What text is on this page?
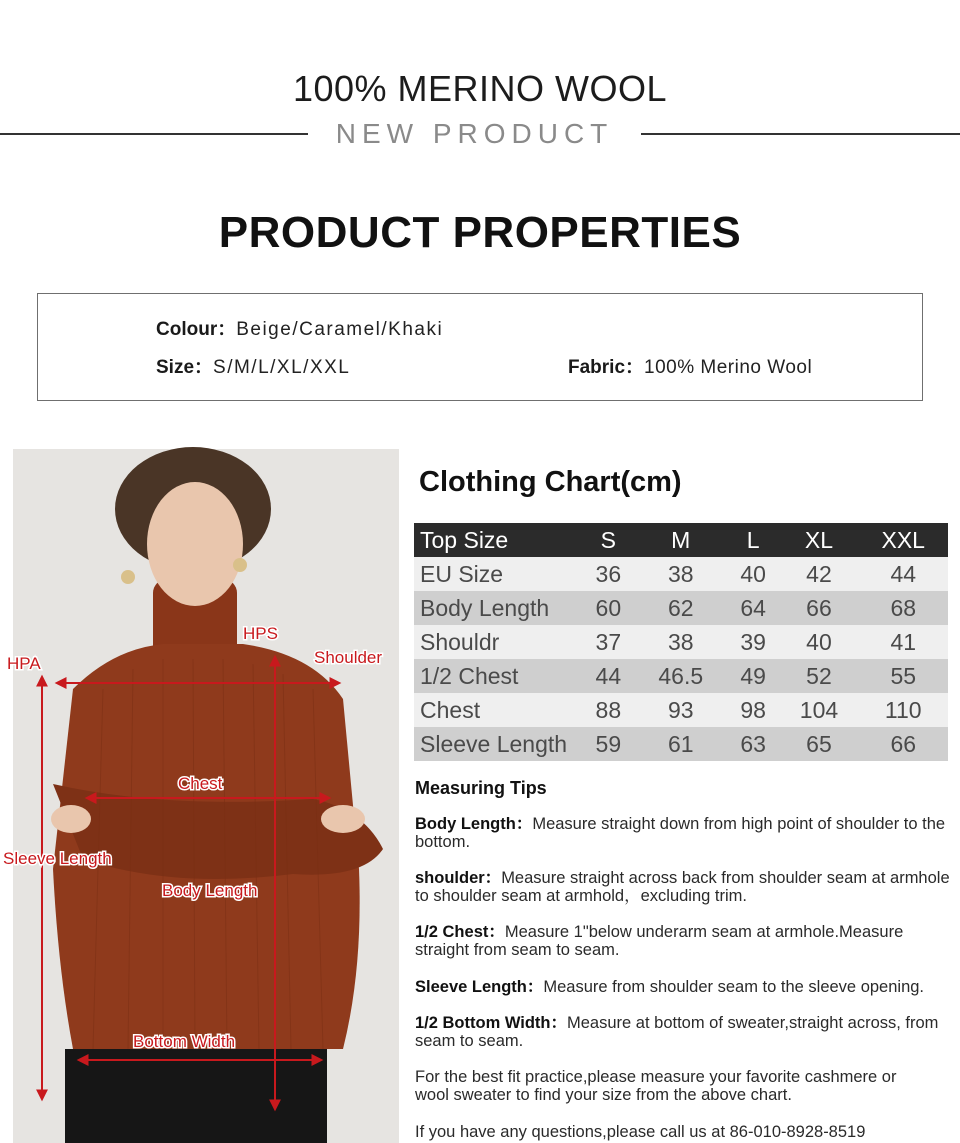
100% MERINO WOOL
NEW PRODUCT
PRODUCT PROPERTIES
Colour：Beige/Caramel/Khaki
Size：S/M/L/XL/XXL	Fabric：100% Merino Wool
HPA
HPS
Shoulder
Chest
Sleeve Length
Body Length
Bottom Width
Clothing Chart(cm)
Top Size	S	M	L	XL	XXL
EU Size	36	38	40	42	44
Body Length	60	62	64	66	68
Shouldr	37	38	39	40	41
1/2 Chest	44	46.5	49	52	55
Chest	88	93	98	104	110
Sleeve Length	59	61	63	65	66
Measuring Tips
Body Length：Measure straight down from high point of shoulder to the bottom.
shoulder：Measure straight across back from shoulder seam at armhole to shoulder seam at armhold，excluding trim.
1/2 Chest：Measure 1"below underarm seam at armhole.Measure straight from seam to seam.
Sleeve Length：Measure from shoulder seam to the sleeve opening.
1/2 Bottom Width：Measure at bottom of sweater,straight across, from seam to seam.
For the best fit practice,please measure your favorite cashmere or wool sweater to find your size from the above chart.
If you have any questions,please call us at 86-010-8928-8519
